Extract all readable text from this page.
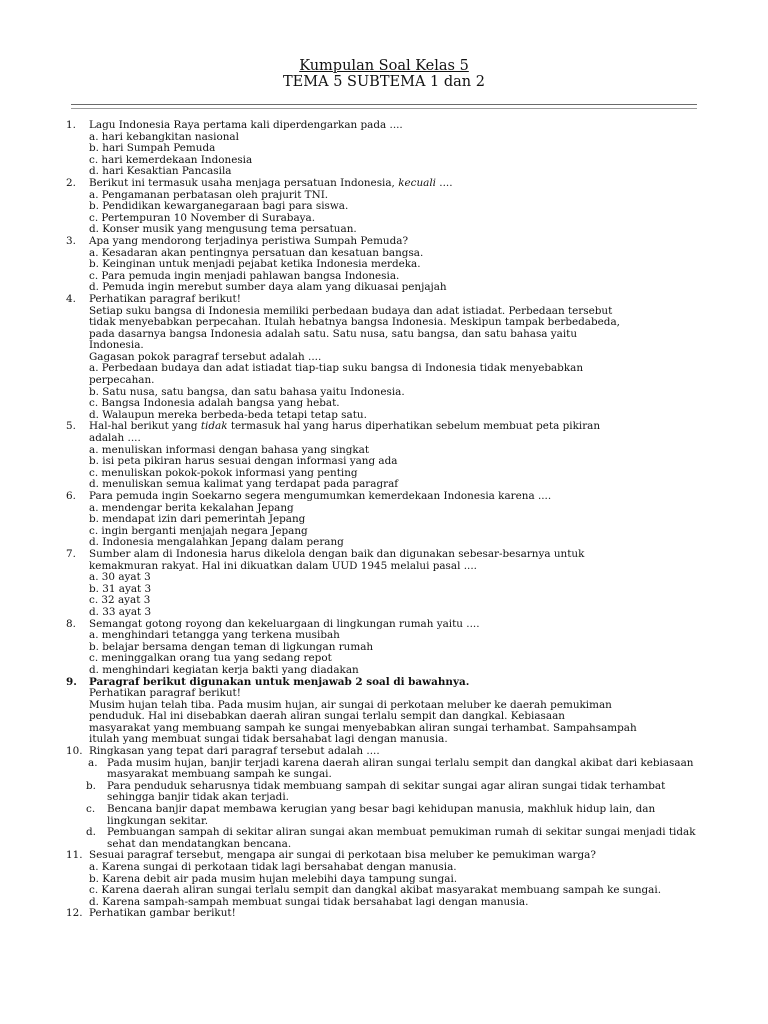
Kumpulan Soal Kelas 5
TEMA 5 SUBTEMA 1 dan 2
1. Lagu Indonesia Raya pertama kali diperdengarkan pada ....
a. hari kebangkitan nasional
b. hari Sumpah Pemuda
c. hari kemerdekaan Indonesia
d. hari Kesaktian Pancasila
2. Berikut ini termasuk usaha menjaga persatuan Indonesia, kecuali ....
a. Pengamanan perbatasan oleh prajurit TNI.
b. Pendidikan kewarganegaraan bagi para siswa.
c. Pertempuran 10 November di Surabaya.
d. Konser musik yang mengusung tema persatuan.
3. Apa yang mendorong terjadinya peristiwa Sumpah Pemuda?
a. Kesadaran akan pentingnya persatuan dan kesatuan bangsa.
b. Keinginan untuk menjadi pejabat ketika Indonesia merdeka.
c. Para pemuda ingin menjadi pahlawan bangsa Indonesia.
d. Pemuda ingin merebut sumber daya alam yang dikuasai penjajah
4. Perhatikan paragraf berikut!
Setiap suku bangsa di Indonesia memiliki perbedaan budaya dan adat istiadat. Perbedaan tersebut
tidak menyebabkan perpecahan. Itulah hebatnya bangsa Indonesia. Meskipun tampak berbedabeda,
pada dasarnya bangsa Indonesia adalah satu. Satu nusa, satu bangsa, dan satu bahasa yaitu
Indonesia.
Gagasan pokok paragraf tersebut adalah ....
a. Perbedaan budaya dan adat istiadat tiap-tiap suku bangsa di Indonesia tidak menyebabkan
perpecahan.
b. Satu nusa, satu bangsa, dan satu bahasa yaitu Indonesia.
c. Bangsa Indonesia adalah bangsa yang hebat.
d. Walaupun mereka berbeda-beda tetapi tetap satu.
5. Hal-hal berikut yang tidak termasuk hal yang harus diperhatikan sebelum membuat peta pikiran
adalah ....
a. menuliskan informasi dengan bahasa yang singkat
b. isi peta pikiran harus sesuai dengan informasi yang ada
c. menuliskan pokok-pokok informasi yang penting
d. menuliskan semua kalimat yang terdapat pada paragraf
6. Para pemuda ingin Soekarno segera mengumumkan kemerdekaan Indonesia karena ....
a. mendengar berita kekalahan Jepang
b. mendapat izin dari pemerintah Jepang
c. ingin berganti menjajah negara Jepang
d. Indonesia mengalahkan Jepang dalam perang
7. Sumber alam di Indonesia harus dikelola dengan baik dan digunakan sebesar-besarnya untuk
kemakmuran rakyat. Hal ini dikuatkan dalam UUD 1945 melalui pasal ....
a. 30 ayat 3
b. 31 ayat 3
c. 32 ayat 3
d. 33 ayat 3
8. Semangat gotong royong dan kekeluargaan di lingkungan rumah yaitu ....
a. menghindari tetangga yang terkena musibah
b. belajar bersama dengan teman di ligkungan rumah
c. meninggalkan orang tua yang sedang repot
d. menghindari kegiatan kerja bakti yang diadakan
9. Paragraf berikut digunakan untuk menjawab 2 soal di bawahnya.
Perhatikan paragraf berikut!
Musim hujan telah tiba. Pada musim hujan, air sungai di perkotaan meluber ke daerah pemukiman
penduduk. Hal ini disebabkan daerah aliran sungai terlalu sempit dan dangkal. Kebiasaan
masyarakat yang membuang sampah ke sungai menyebabkan aliran sungai terhambat. Sampahsampah
itulah yang membuat sungai tidak bersahabat lagi dengan manusia.
10. Ringkasan yang tepat dari paragraf tersebut adalah ....
a. Pada musim hujan, banjir terjadi karena daerah aliran sungai terlalu sempit dan dangkal akibat dari kebiasaan masyarakat membuang sampah ke sungai.
b. Para penduduk seharusnya tidak membuang sampah di sekitar sungai agar aliran sungai tidak terhambat sehingga banjir tidak akan terjadi.
c. Bencana banjir dapat membawa kerugian yang besar bagi kehidupan manusia, makhluk hidup lain, dan lingkungan sekitar.
d. Pembuangan sampah di sekitar aliran sungai akan membuat pemukiman rumah di sekitar sungai menjadi tidak sehat dan mendatangkan bencana.
11. Sesuai paragraf tersebut, mengapa air sungai di perkotaan bisa meluber ke pemukiman warga?
a. Karena sungai di perkotaan tidak lagi bersahabat dengan manusia.
b. Karena debit air pada musim hujan melebihi daya tampung sungai.
c. Karena daerah aliran sungai terlalu sempit dan dangkal akibat masyarakat membuang sampah ke sungai.
d. Karena sampah-sampah membuat sungai tidak bersahabat lagi dengan manusia.
12. Perhatikan gambar berikut!
